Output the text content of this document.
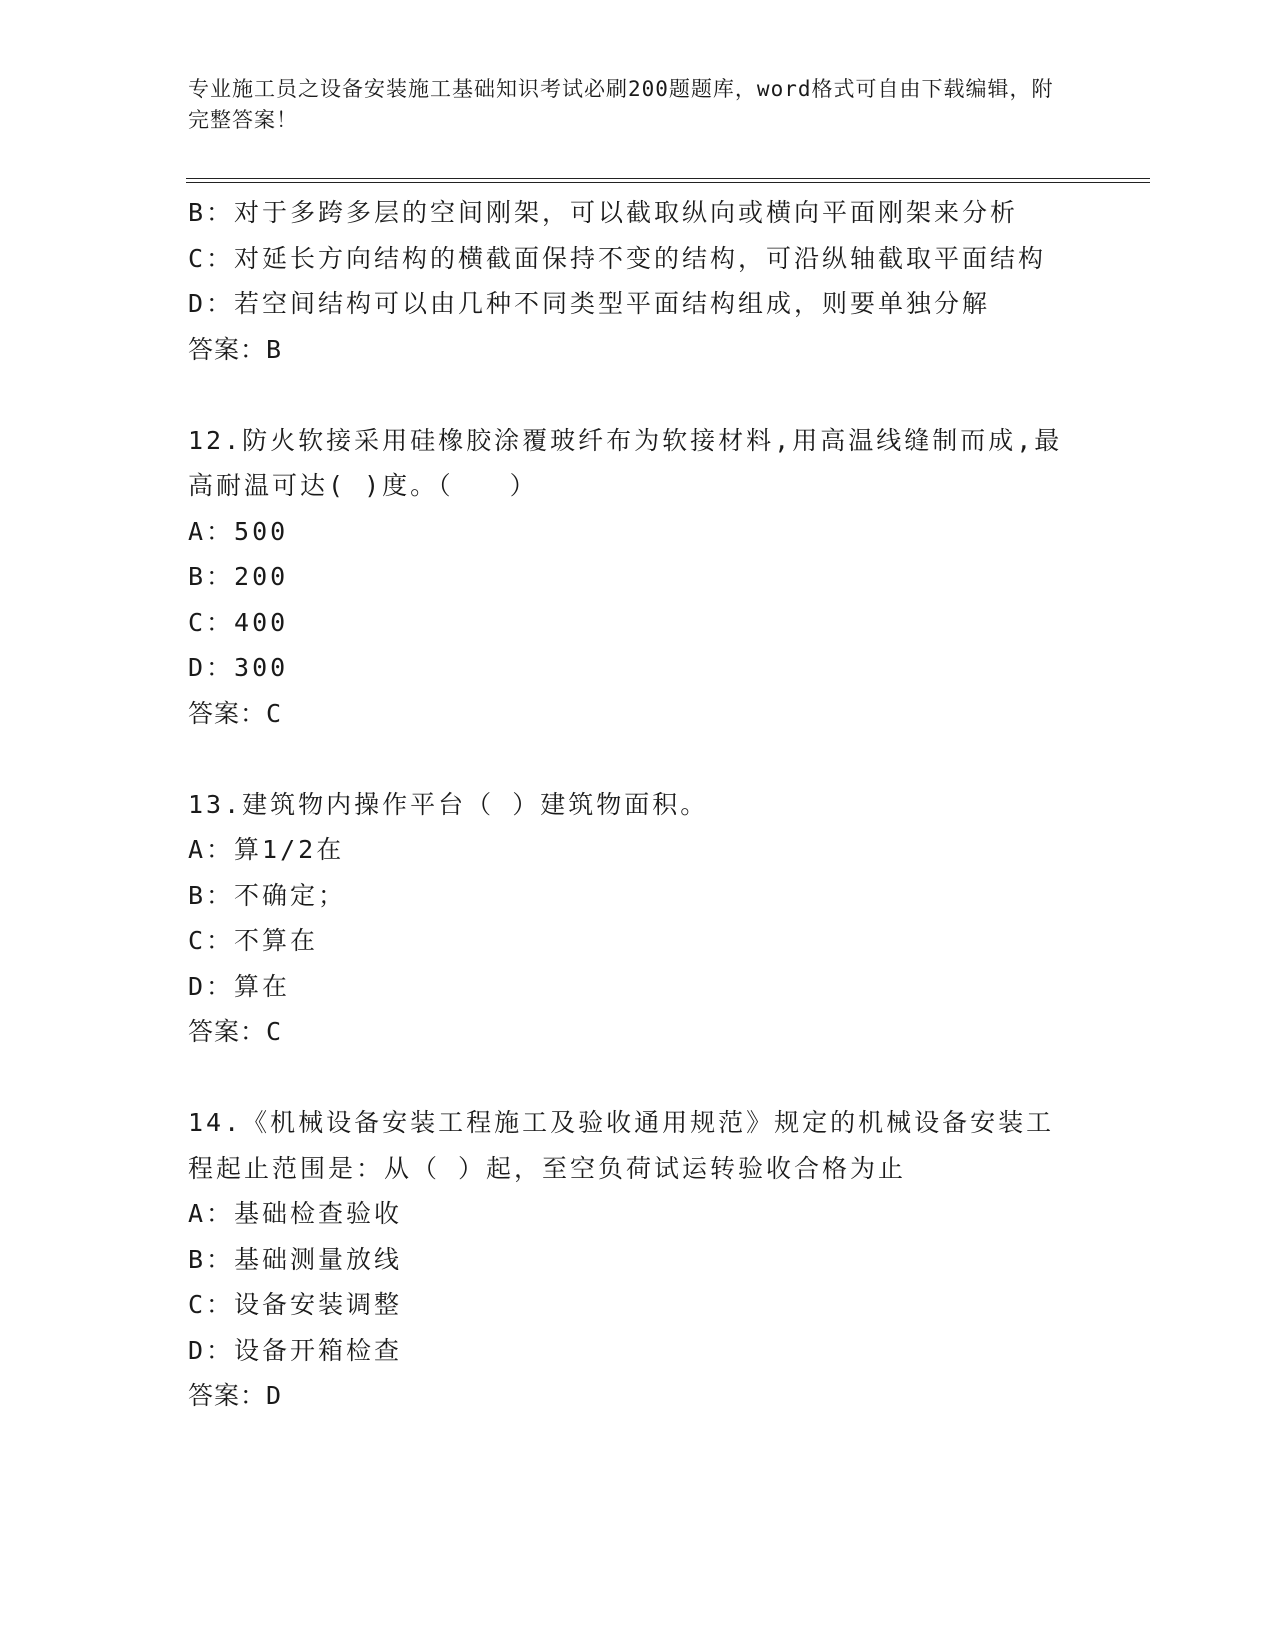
专业施工员之设备安装施工基础知识考试必刷200题题库，word格式可自由下载编辑，附完整答案！
B：对于多跨多层的空间刚架，可以截取纵向或横向平面刚架来分析
C：对延长方向结构的横截面保持不变的结构，可沿纵轴截取平面结构
D：若空间结构可以由几种不同类型平面结构组成，则要单独分解
答案：B
12.防火软接采用硅橡胶涂覆玻纤布为软接材料,用高温线缝制而成,最
高耐温可达( )度。（　　）
A：500
B：200
C：400
D：300
答案：C
13.建筑物内操作平台（ ）建筑物面积。
A：算1/2在
B：不确定；
C：不算在
D：算在
答案：C
14.《机械设备安装工程施工及验收通用规范》规定的机械设备安装工
程起止范围是：从（ ）起，至空负荷试运转验收合格为止
A：基础检查验收
B：基础测量放线
C：设备安装调整
D：设备开箱检查
答案：D
